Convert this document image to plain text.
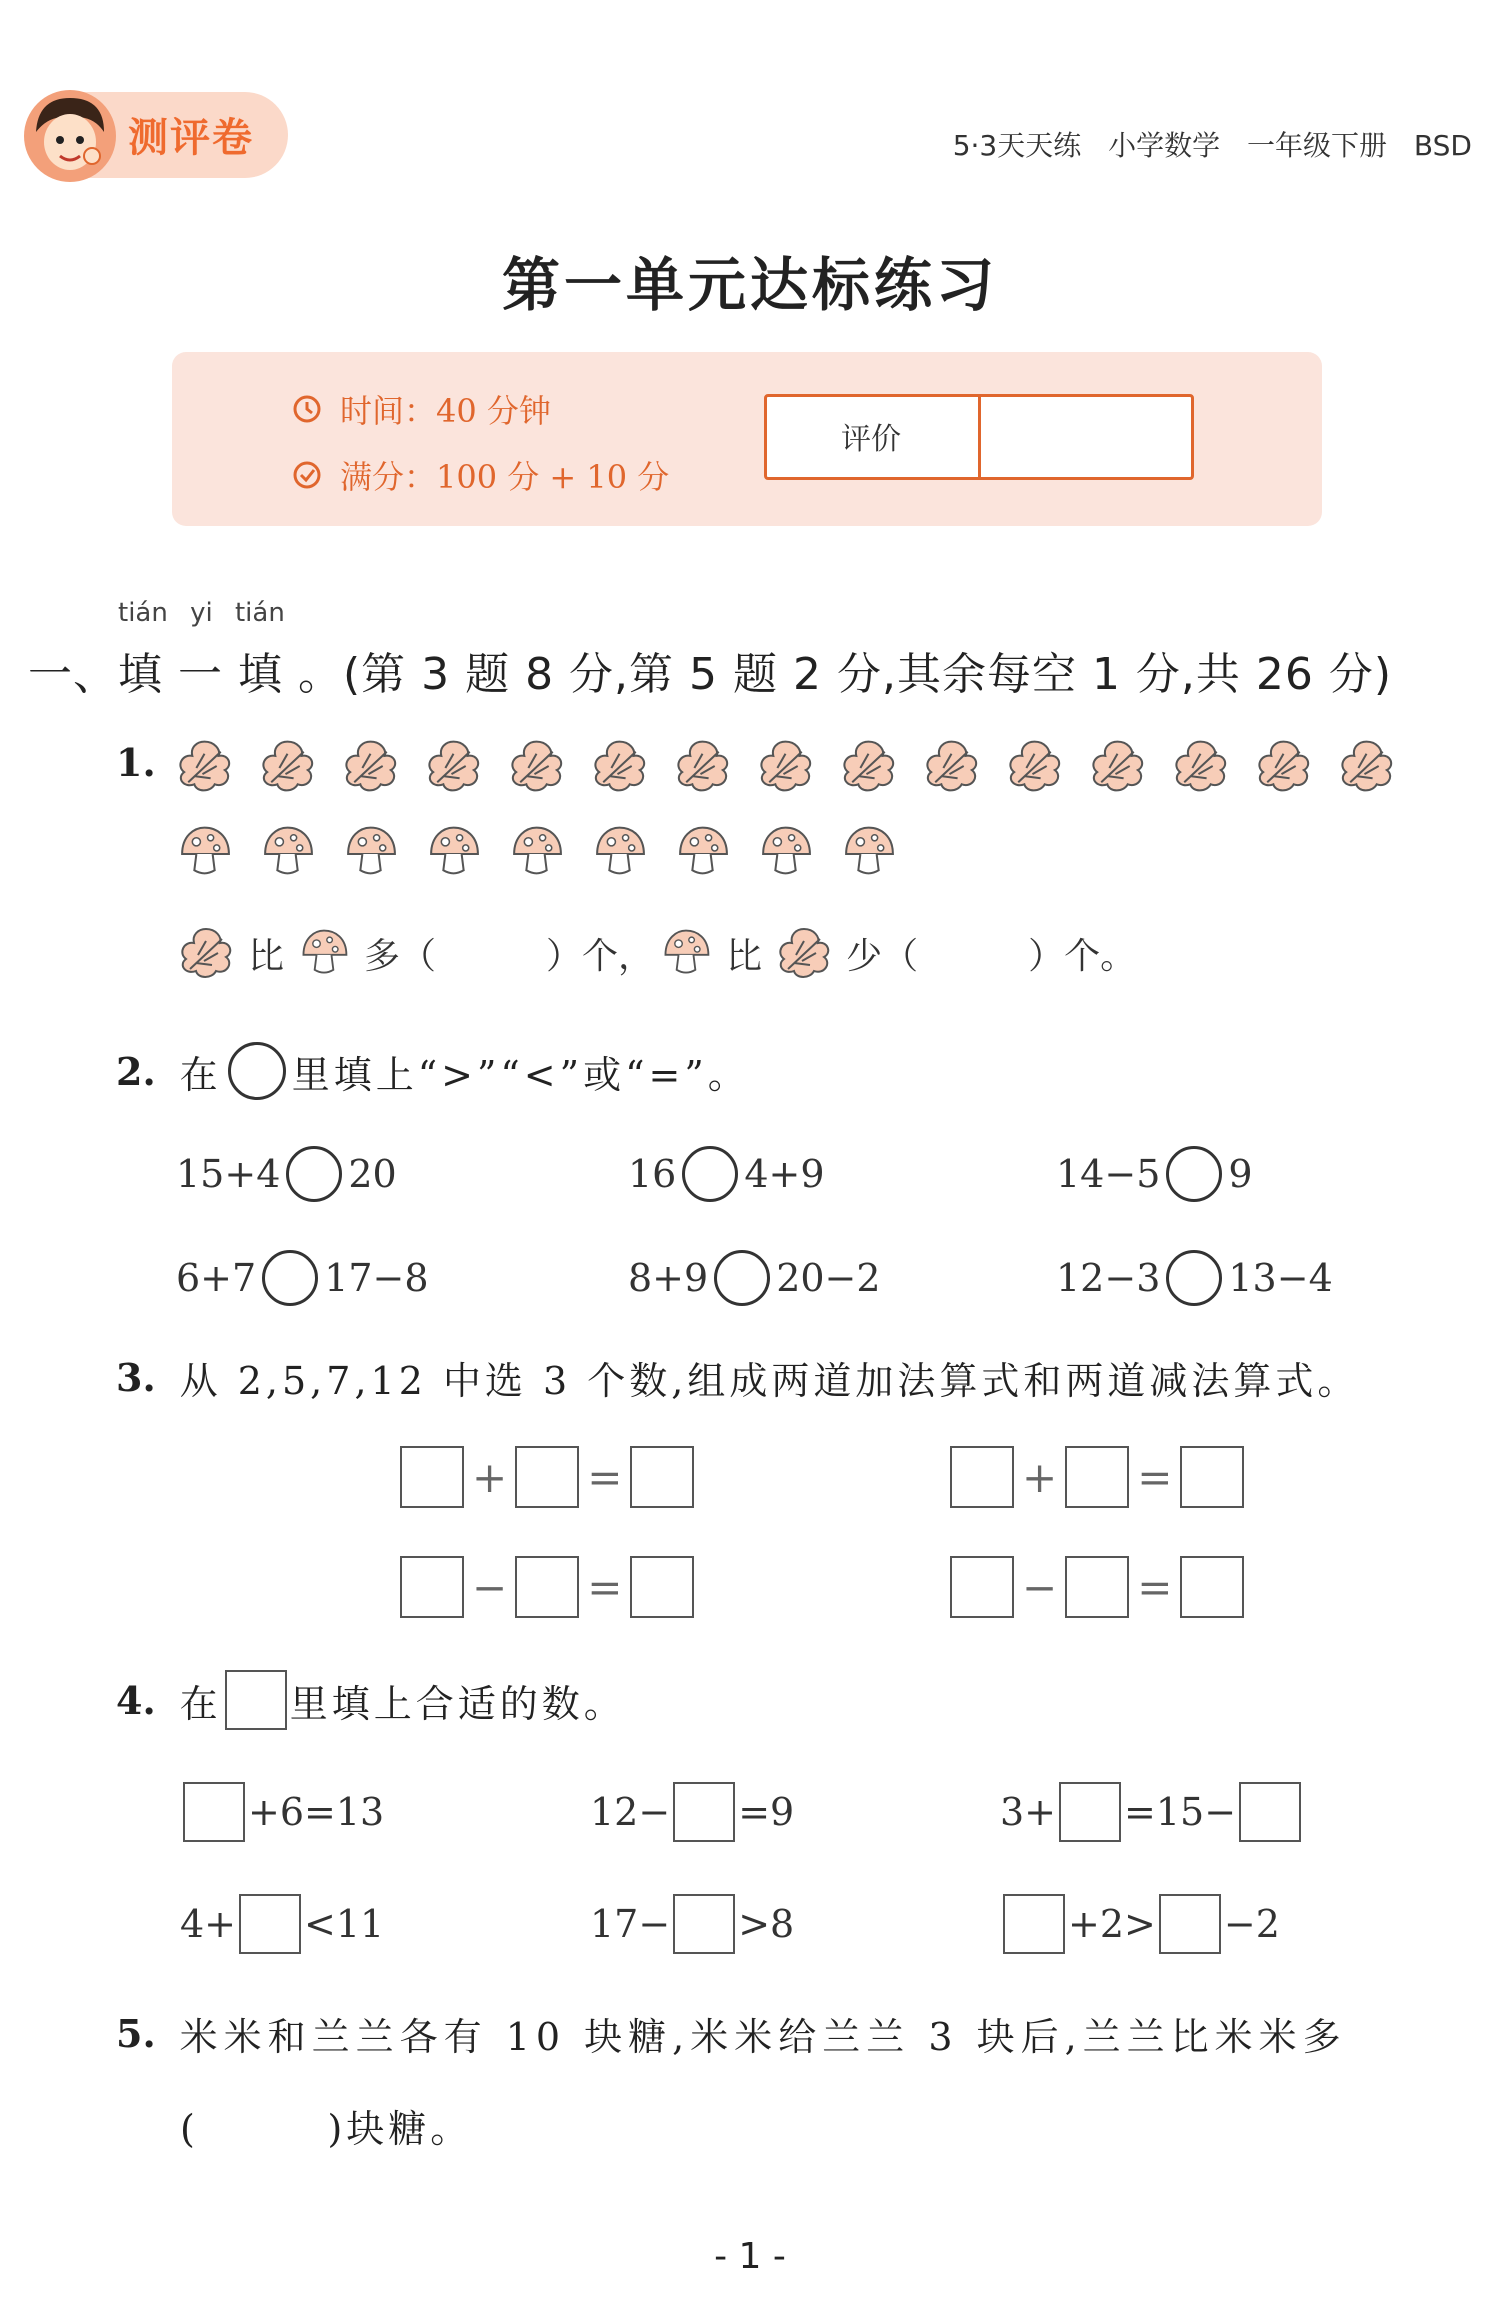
测评卷	5·3天天练 小学数学 一年级下册 BSD
第一单元达标练习
时间：40 分钟
满分：100 分 + 10 分
评价
tián yi tián
一、填 一 填 。(第 3 题 8 分,第 5 题 2 分,其余每空 1 分,共 26 分)
1.
比 多（	）个， 比 少（	）个。
2. 在 里填上“>”“<”或“=”。
15+4 20	16 4+9	14−5 9
6+7 17−8	8+9 20−2	12−3 13−4
3. 从 2,5,7,12 中选 3 个数,组成两道加法算式和两道减法算式。
+ =	+ =
− =	− =
4. 在 里填上合适的数。
+6=13	12− =9	3+ =15−
4+ <11	17− >8	+2> −2
5. 米米和兰兰各有 10 块糖,米米给兰兰 3 块后,兰兰比米米多
(        )块糖。
- 1 -
